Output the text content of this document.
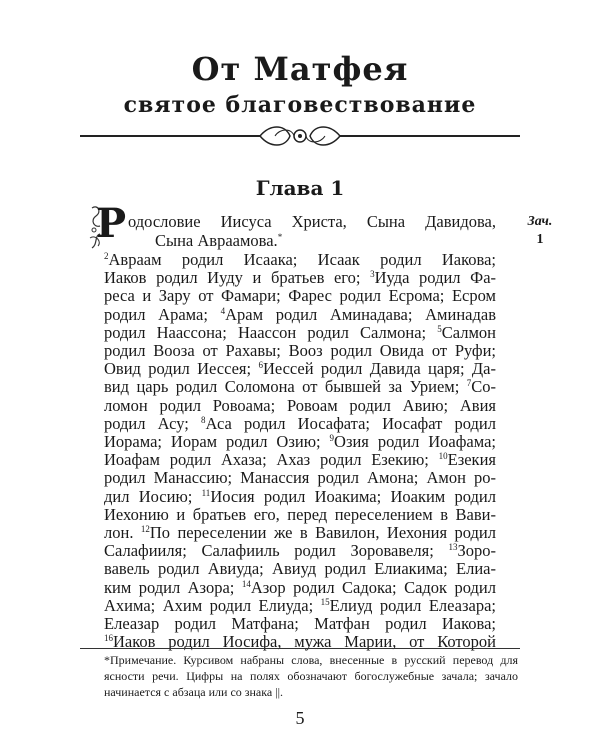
От Матфея
святое благовествование
Глава 1
Р одословие Иисуса Христа, Сына Давидова,
Сына Авраамова.*
Зач.
1
$^2$Авраам родил Исаака; Исаак родил Иакова;
Иаков родил Иуду и братьев его; $^3$Иуда родил Фа-
реса и Зару от Фамари; Фарес родил Есрома; Есром
родил Арама; $^4$Арам родил Аминадава; Аминадав
родил Наассона; Наассон родил Салмона; $^5$Салмон
родил Вооза от Рахавы; Вооз родил Овида от Руфи;
Овид родил Иессея; $^6$Иессей родил Давида царя; Да-
вид царь родил Соломона от бывшей за Урием; $^7$Со-
ломон родил Ровоама; Ровоам родил Авию; Авия
родил Асу; $^8$Аса родил Иосафата; Иосафат родил
Иорама; Иорам родил Озию; $^9$Озия родил Иоафама;
Иоафам родил Ахаза; Ахаз родил Езекию; $^{10}$Езекия
родил Манассию; Манассия родил Амона; Амон ро-
дил Иосию; $^{11}$Иосия родил Иоакима; Иоаким родил
Иехонию и братьев его, перед переселением в Вави-
лон. $^{12}$По переселении же в Вавилон, Иехония родил
Салафииля; Салафииль родил Зоровавеля; $^{13}$Зоро-
вавель родил Авиуда; Авиуд родил Елиакима; Елиа-
ким родил Азора; $^{14}$Азор родил Садока; Садок родил
Ахима; Ахим родил Елиуда; $^{15}$Елиуд родил Елеазара;
Елеазар родил Матфана; Матфан родил Иакова;
$^{16}$Иаков родил Иосифа, мужа Марии, от Которой
*Примечание. Курсивом набраны слова, внесенные в русский перевод для ясности речи. Цифры на полях обозначают богослужебные зачала; зачало начинается с абзаца или со знака ||.
5
